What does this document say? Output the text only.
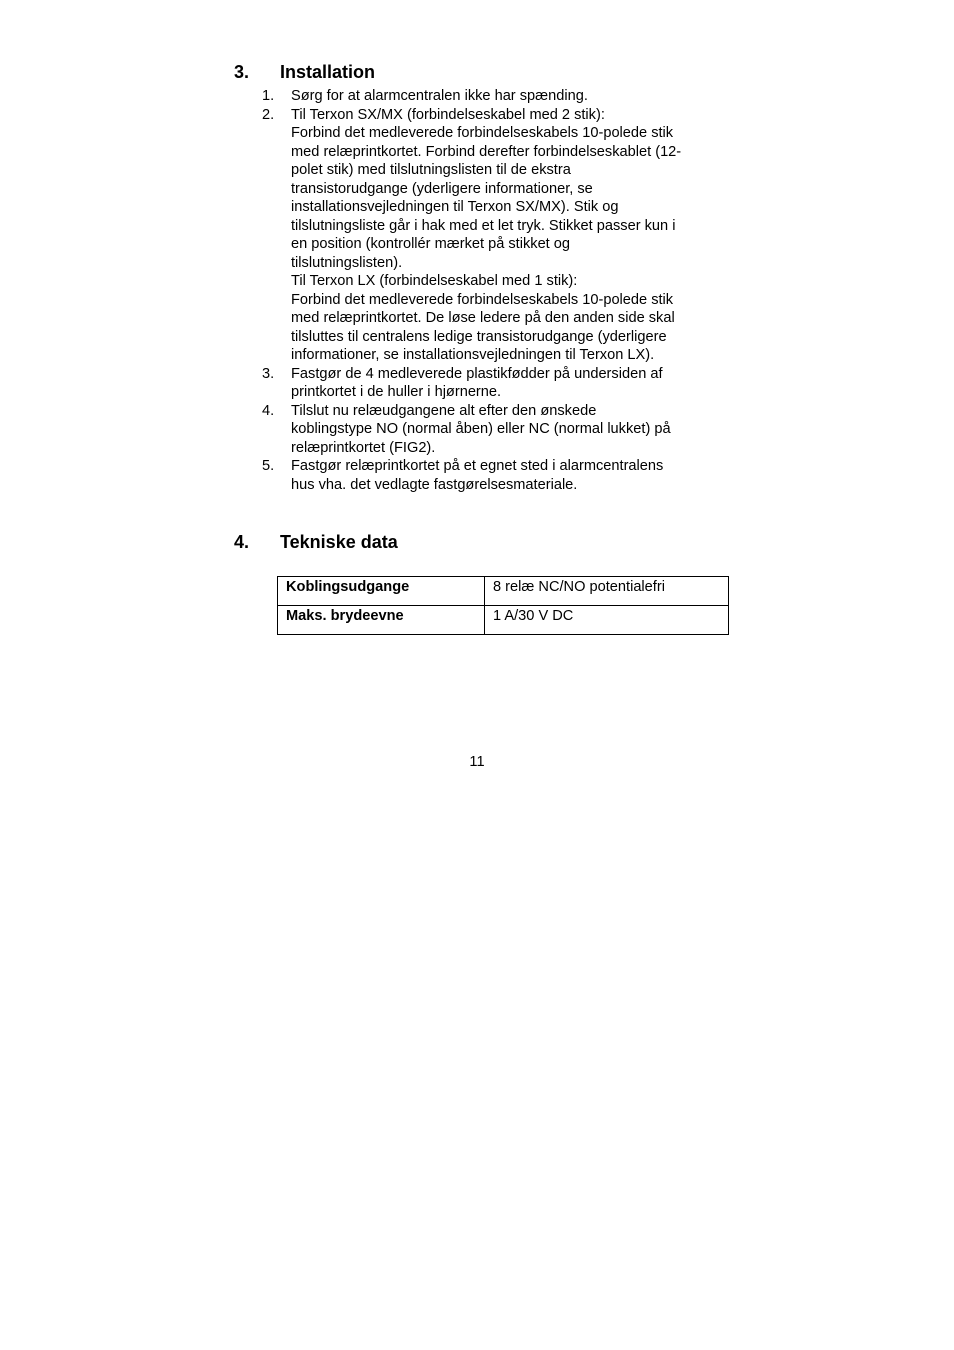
3. Installation
1. Sørg for at alarmcentralen ikke har spænding.
2. Til Terxon SX/MX (forbindelseskabel med 2 stik):
Forbind det medleverede forbindelseskabels 10-polede stik
med relæprintkortet. Forbind derefter forbindelseskablet (12-
polet stik) med tilslutningslisten til de ekstra
transistorudgange (yderligere informationer, se
installationsvejledningen til Terxon SX/MX). Stik og
tilslutningsliste går i hak med et let tryk. Stikket passer kun i
en position (kontrollér mærket på stikket og
tilslutningslisten).
Til Terxon LX (forbindelseskabel med 1 stik):
Forbind det medleverede forbindelseskabels 10-polede stik
med relæprintkortet. De løse ledere på den anden side skal
tilsluttes til centralens ledige transistorudgange (yderligere
informationer, se installationsvejledningen til Terxon LX).
3. Fastgør de 4 medleverede plastikfødder på undersiden af
printkortet i de huller i hjørnerne.
4. Tilslut nu relæudgangene alt efter den ønskede
koblingstype NO (normal åben) eller NC (normal lukket) på
relæprintkortet (FIG2).
5. Fastgør relæprintkortet på et egnet sted i alarmcentralens
hus vha. det vedlagte fastgørelsesmateriale.
4. Tekniske data
Koblingsudgange	8 relæ NC/NO potentialefri
Maks. brydeevne	1 A/30 V DC
11
